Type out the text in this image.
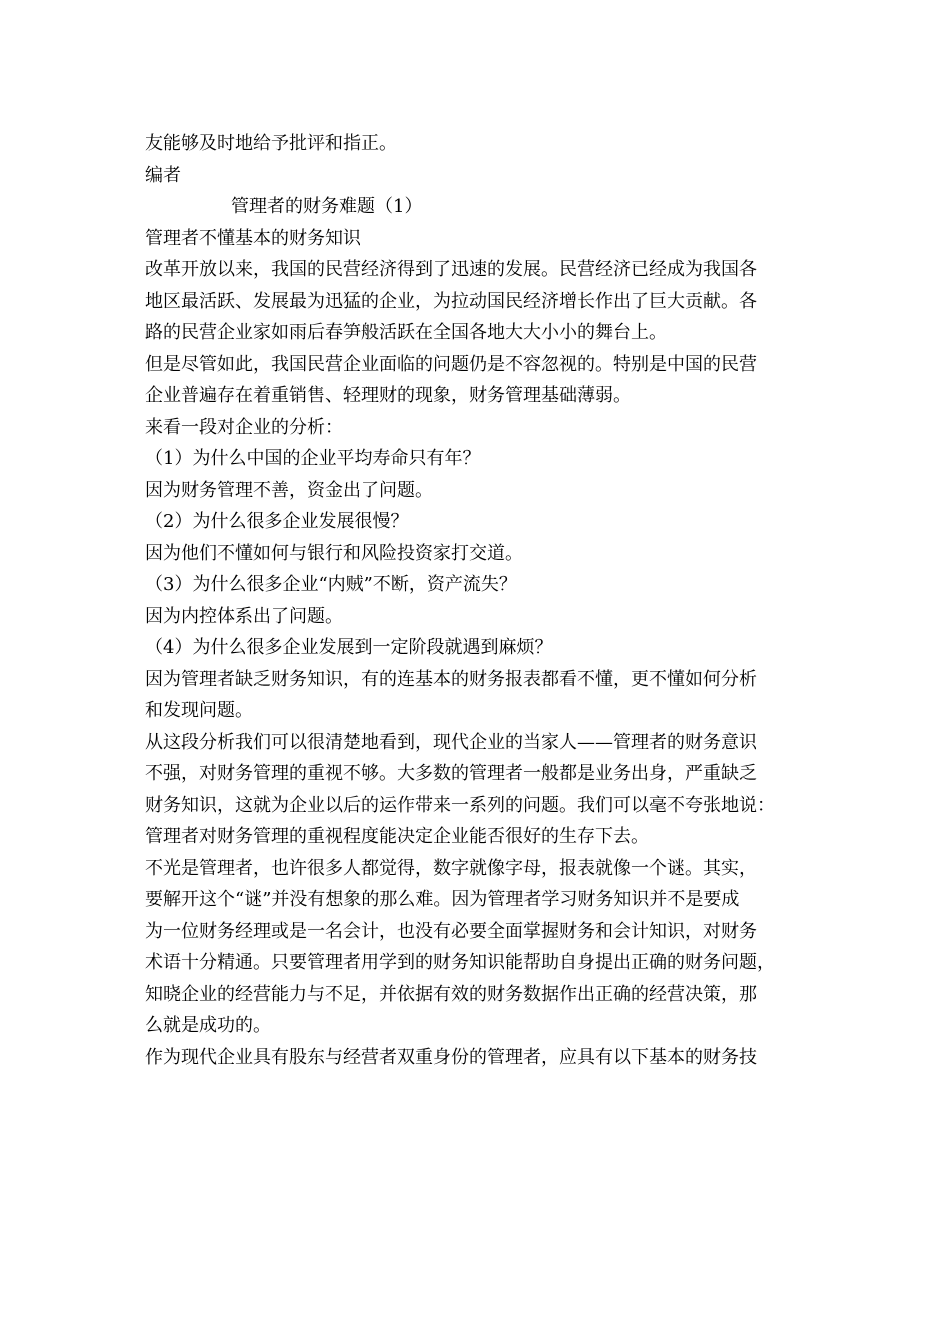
友能够及时地给予批评和指正。
编者
管理者的财务难题（1）
管理者不懂基本的财务知识
改革开放以来，我国的民营经济得到了迅速的发展。民营经济已经成为我国各
地区最活跃、发展最为迅猛的企业，为拉动国民经济增长作出了巨大贡献。各
路的民营企业家如雨后春笋般活跃在全国各地大大小小的舞台上。
但是尽管如此，我国民营企业面临的问题仍是不容忽视的。特别是中国的民营
企业普遍存在着重销售、轻理财的现象，财务管理基础薄弱。
来看一段对企业的分析：
（1）为什么中国的企业平均寿命只有年？
因为财务管理不善，资金出了问题。
（2）为什么很多企业发展很慢？
因为他们不懂如何与银行和风险投资家打交道。
（3）为什么很多企业“内贼”不断，资产流失？
因为内控体系出了问题。
（4）为什么很多企业发展到一定阶段就遇到麻烦？
因为管理者缺乏财务知识，有的连基本的财务报表都看不懂，更不懂如何分析
和发现问题。
从这段分析我们可以很清楚地看到，现代企业的当家人——管理者的财务意识
不强，对财务管理的重视不够。大多数的管理者一般都是业务出身，严重缺乏
财务知识，这就为企业以后的运作带来一系列的问题。我们可以毫不夸张地说：
管理者对财务管理的重视程度能决定企业能否很好的生存下去。
不光是管理者，也许很多人都觉得，数字就像字母，报表就像一个谜。其实，
要解开这个“谜”并没有想象的那么难。因为管理者学习财务知识并不是要成
为一位财务经理或是一名会计，也没有必要全面掌握财务和会计知识，对财务
术语十分精通。只要管理者用学到的财务知识能帮助自身提出正确的财务问题，
知晓企业的经营能力与不足，并依据有效的财务数据作出正确的经营决策，那
么就是成功的。
作为现代企业具有股东与经营者双重身份的管理者，应具有以下基本的财务技
